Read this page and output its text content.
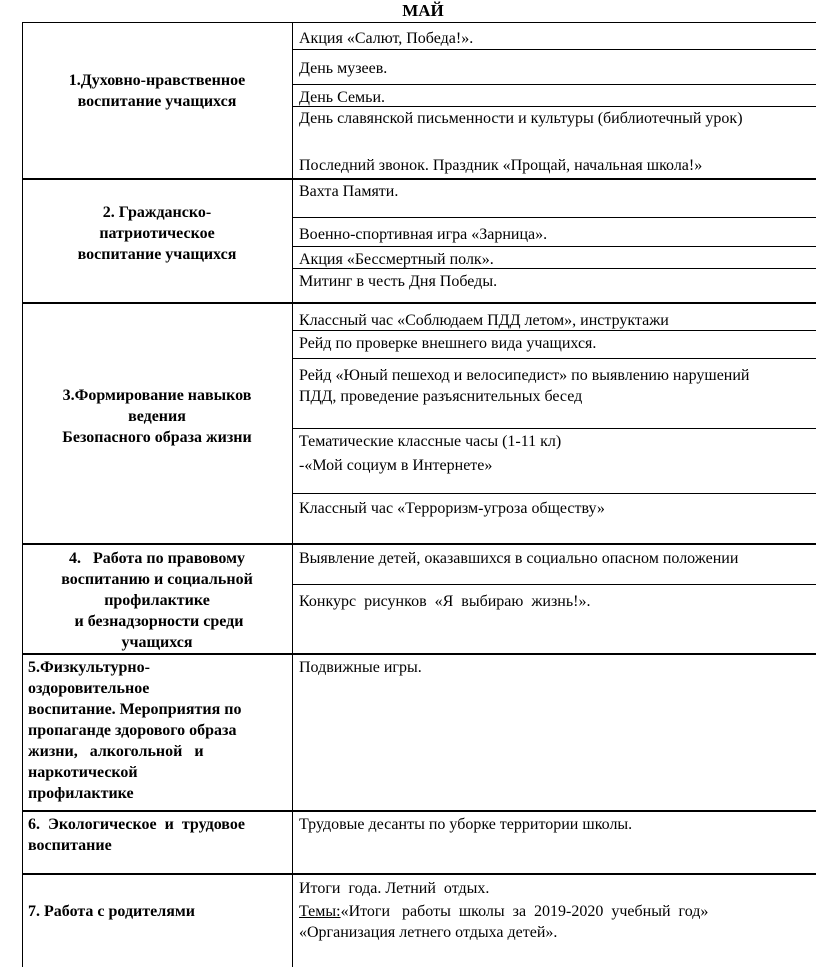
МАЙ
1.Духовно-нравственное воспитание учащихся
Акция «Салют, Победа!».
День музеев.
День Семьи.
День славянской письменности и культуры (библиотечный урок)
Последний звонок. Праздник «Прощай, начальная школа!»
2. Гражданско-патриотическое воспитание учащихся
Вахта Памяти.
Военно-спортивная игра «Зарница».
Акция «Бессмертный полк».
Митинг в честь Дня Победы.
3.Формирование навыков
ведения
Безопасного образа жизни
Классный час «Соблюдаем ПДД летом», инструктажи
Рейд по проверке внешнего вида учащихся.
Рейд «Юный пешеход и велосипедист» по выявлению нарушений
ПДД, проведение разъяснительных бесед
Тематические классные часы (1-11 кл)
-«Мой социум в Интернете»
Классный час «Терроризм-угроза обществу»
4.   Работа по правовому
воспитанию и социальной
профилактике
и безнадзорности среди
учащихся
Выявление детей, оказавшихся в социально опасном положении
Конкурс  рисунков  «Я  выбираю  жизнь!».
5.Физкультурно-
оздоровительное
воспитание. Мероприятия по
пропаганде здорового образа
жизни,   алкогольной   и
наркотической
профилактике
Подвижные игры.
6.  Экологическое  и  трудовое
воспитание
Трудовые десанты по уборке территории школы.
7. Работа с родителями
Итоги  года. Летний  отдых.
Темы:«Итоги   работы  школы  за  2019-2020  учебный  год»
«Организация летнего отдыха детей».
